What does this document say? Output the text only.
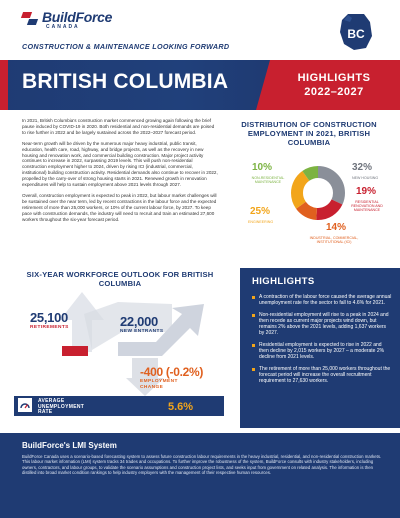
BuildForce
CANADA
CONSTRUCTION & MAINTENANCE LOOKING FORWARD
BC
BRITISH COLUMBIA	HIGHLIGHTS
2022–2027

In 2021, British Columbia's construction market commenced growing again following the brief pause induced by COVID-19 in 2020. Both residential and non-residential demands are poised to rise further in 2022 and be largely sustained across the 2022–2027 forecast period.

Near-term growth will be driven by the numerous major heavy industrial, public transit, education, health care, road, highway, and bridge projects, as well as the recovery in new housing and renovation work, and commercial building construction. Major project activity continues to increase in 2022, surpassing 2019 levels. This will push non-residential construction employment higher to 2024, driven by rising ICI (industrial, commercial, institutional) building construction activity. Residential demands also continue to recover in 2022, propelled by the carry-over of strong housing starts in 2021. Renewed growth in renovation expenditures will help to sustain employment above 2021 levels through 2027.

Overall, construction employment is expected to peak in 2022, but labour market challenges will be sustained over the near term, led by recent contractions in the labour force and the expected retirement of more than 25,000 workers, or 10% of the current labour force, by 2027. To keep pace with construction demands, the industry will need to recruit and train an estimated 27,600 workers throughout the six-year forecast period.

DISTRIBUTION OF CONSTRUCTION EMPLOYMENT IN 2021, BRITISH COLUMBIA
10%
NON-RESIDENTIAL MAINTENANCE
32%
NEW HOUSING
19%
RESIDENTIAL RENOVATION AND MAINTENANCE
14%
INDUSTRIAL, COMMERCIAL, INSTITUTIONAL (ICI)
25%
ENGINEERING
SIX-YEAR WORKFORCE OUTLOOK FOR BRITISH COLUMBIA
25,100
RETIREMENTS	22,000
NEW ENTRANTS
-400 (-0.2%)
EMPLOYMENT
CHANGE
AVERAGE
UNEMPLOYMENT
RATE	5.6%
HIGHLIGHTS
A contraction of the labour force caused the average annual unemployment rate for the sector to fall to 4.6% for 2021.
Non-residential employment will rise to a peak in 2024 and then recede as current major projects wind down, but remains 2% above the 2021 levels, adding 1,637 workers by 2027.
Residential employment is expected to rise in 2022 and then decline by 2,015 workers by 2027 – a moderate 2% decline from 2021 levels.
The retirement of more than 25,000 workers throughout the forecast period will increase the overall recruitment requirement to 27,630 workers.
BuildForce's LMI System
BuildForce Canada uses a scenario-based forecasting system to assess future construction labour requirements in the heavy industrial, residential, and non-residential construction markets. This labour market information (LMI) system tracks 34 trades and occupations. To further improve the robustness of the system, BuildForce consults with industry stakeholders, including owners, contractors, and labour groups, to validate the scenario assumptions and construction project lists, and seeks input from government on related analysis. The information is then distilled into broad market condition rankings to help industry employers with the management of their respective human resources.
